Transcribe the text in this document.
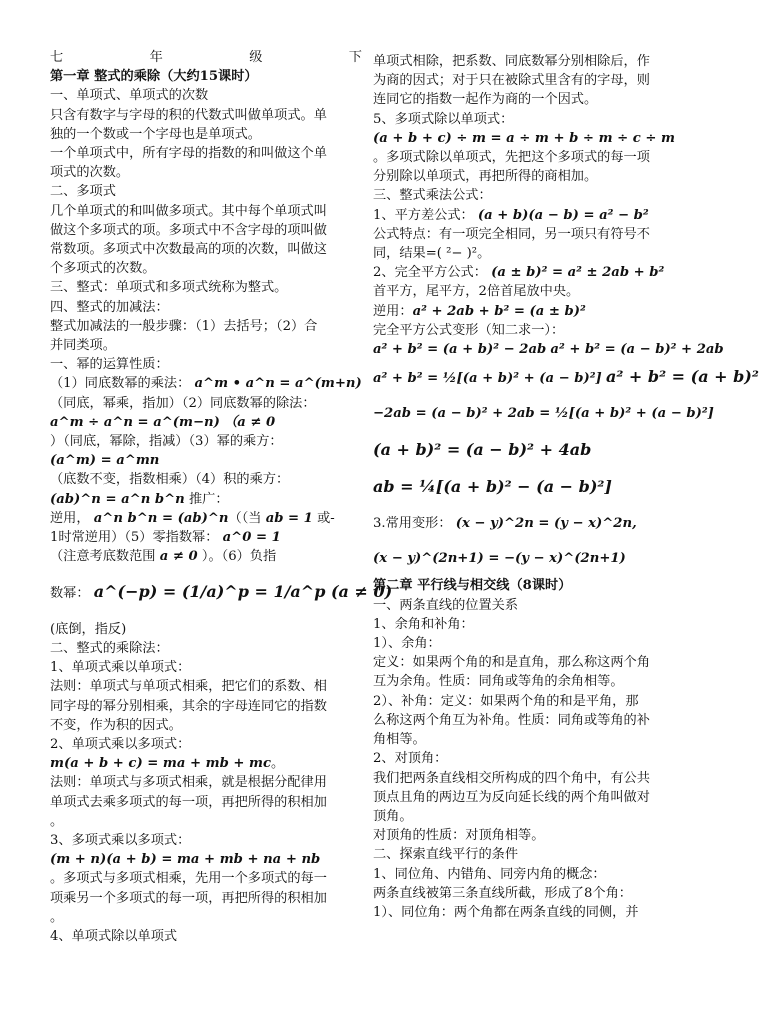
七	年	级	下
第一章 整式的乘除（大约15课时）
一、单项式、单项式的次数
只含有数字与字母的积的代数式叫做单项式。单
独的一个数或一个字母也是单项式。
一个单项式中，所有字母的指数的和叫做这个单
项式的次数。
二、多项式
几个单项式的和叫做多项式。其中每个单项式叫
做这个多项式的项。多项式中不含字母的项叫做
常数项。多项式中次数最高的项的次数，叫做这
个多项式的次数。
三、整式：单项式和多项式统称为整式。
四、整式的加减法：
整式加减法的一般步骤：（1）去括号；（2）合
并同类项。
一、幂的运算性质：
（1）同底数幂的乘法： a^m • a^n = a^(m+n)
（同底，幂乘，指加）（2）同底数幂的除法：
a^m ÷ a^n = a^(m−n) （a ≠ 0
）（同底，幂除，指减）（3）幂的乘方：
(a^m) = a^mn
（底数不变，指数相乘）（4）积的乘方：
(ab)^n = a^n b^n 推广：
逆用， a^n b^n = (ab)^n（（当 ab = 1 或-
1时常逆用）（5）零指数幂： a^0 = 1
（注意考底数范围 a ≠ 0 ）。（6）负指
数幂： a^(−p) = (1/a)^p = 1/a^p (a ≠ 0)
(底倒，指反)
二、整式的乘除法：
1、单项式乘以单项式：
法则：单项式与单项式相乘，把它们的系数、相
同字母的幂分别相乘，其余的字母连同它的指数
不变，作为积的因式。
2、单项式乘以多项式：
m(a + b + c) = ma + mb + mc。
法则：单项式与多项式相乘，就是根据分配律用
单项式去乘多项式的每一项，再把所得的积相加
。
3、多项式乘以多项式：
(m + n)(a + b) = ma + mb + na + nb
。多项式与多项式相乘，先用一个多项式的每一
项乘另一个多项式的每一项，再把所得的积相加
。
4、单项式除以单项式
单项式相除，把系数、同底数幂分别相除后，作
为商的因式；对于只在被除式里含有的字母，则
连同它的指数一起作为商的一个因式。
5、多项式除以单项式：
(a + b + c) ÷ m = a ÷ m + b ÷ m ÷ c ÷ m
。多项式除以单项式，先把这个多项式的每一项
分别除以单项式，再把所得的商相加。
三、整式乘法公式：
1、平方差公式： (a + b)(a − b) = a² − b²
公式特点：有一项完全相同，另一项只有符号不
同，结果=( ²− )²。
2、完全平方公式： (a ± b)² = a² ± 2ab + b²
首平方，尾平方，2倍首尾放中央。
逆用：a² + 2ab + b² = (a ± b)²
完全平方公式变形（知二求一）：
a² + b² = (a + b)² − 2ab a² + b² = (a − b)² + 2ab
a² + b² = ½[(a + b)² + (a − b)²] a² + b² = (a + b)²
−2ab = (a − b)² + 2ab = ½[(a + b)² + (a − b)²]
(a + b)² = (a − b)² + 4ab
ab = ¼[(a + b)² − (a − b)²]
3.常用变形： (x − y)^2n = (y − x)^2n,
(x − y)^(2n+1) = −(y − x)^(2n+1)
第二章 平行线与相交线（8课时）
一、两条直线的位置关系
1、余角和补角：
1）、余角：
定义：如果两个角的和是直角，那么称这两个角
互为余角。性质：同角或等角的余角相等。
2）、补角：定义：如果两个角的和是平角，那
么称这两个角互为补角。性质：同角或等角的补
角相等。
2、对顶角：
我们把两条直线相交所构成的四个角中，有公共
顶点且角的两边互为反向延长线的两个角叫做对
顶角。
对顶角的性质：对顶角相等。
二、探索直线平行的条件
1、同位角、内错角、同旁内角的概念：
两条直线被第三条直线所截，形成了8个角：
1）、同位角：两个角都在两条直线的同侧，并
